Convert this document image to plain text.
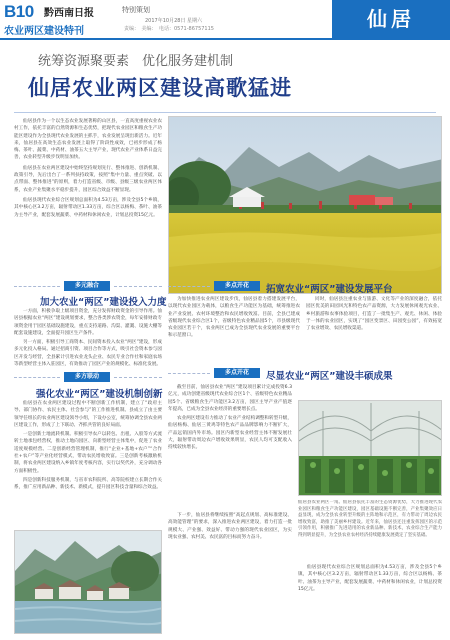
B10 黔西南日报	特别策划
2017年10月28日 星期六
农业两区建设特刊	责编：　美编：　电话：0571-86757115	仙居
统筹资源聚要素　优化服务建机制
仙居农业两区建设高歌猛进
仙居县作为一个以生态农业发展著称的山区县，一直高度重视农业农村工作，依托丰富的自然资源和生态优势，把现代农业园区和粮食生产功能区建设作为全县现代农业发展的主抓手，农业发展呈现出新活力。近年来，仙居县在高效生态农业发展上取得了阶段性成效，已初步形成了杨梅、茶叶、蔬菜、中药材、油茶五大主导产业，现代农业产业体系日益完善，农业转型升级步伐明显加快。
仙居县在农业两区建设中始终坚持规划先行、整体推进、创新机制、政策引导，先后出台了一系列扶持政策，按照“集中力量、重点突破、以点带面、整体推进”的原则，着力打造省级、市级、县级三级农业两区体系，农业产业集聚水平稳步提升，园区综合效益不断显现。
仙居县现代农业综合区规划总面积为4.53万亩，涉及全县5个乡镇，其中核心区3.2万亩，辐射带动区1.33万亩，综合区以杨梅、茶叶、油茶为主导产业，配套发展蔬菜、中药材和休闲农业，计划总投资15亿元。
多元融合
加大农业“两区”建设投入力度
一方面，积极争取上级项目资金，充分发挥财政资金的引导作用。仙居县根据农业“两区”建设规划要求，整合各类涉农资金，每年安排财政专项资金用于园区基础设施建设，重点支持道路、沟渠、灌溉、设施大棚等配套设施建设，全面提升园区生产条件。
另一方面，积极引导工商资本、民间资本投入农业“两区”建设，形成多元化投入格局。通过招商引资、项目合作等方式，吸引社会资本参与园区开发与经营，全县累计引进农业龙头企业、农民专业合作社和家庭农场等新型经营主体入驻园区，有效推动了园区产业的规模化、标准化发展。
多方联动
强化农业“两区”建设机制创新
仙居县在农业两区建设过程中不断创新工作机制，建立了“政府主导、部门协作、农民主体、社会参与”的工作推进机制。县成立了由主要领导任组长的农业两区建设领导小组，下设办公室，统筹协调全县农业两区建设工作，形成了上下联动、齐抓共管的良好局面。
一是创新土地流转机制。积极引导农户以转包、出租、入股等方式流转土地承包经营权，推动土地向园区、向新型经营主体集中，促进了农业适度规模经营。二是创新经营管理机制，推行“企业+基地+农户”“合作社+农户”等产业化经营模式，带动农民增收致富。三是创新考核激励机制，将农业两区建设纳入乡镇年度考核内容，实行以奖代补，充分调动各方面积极性。
四是创新科技服务机制，与省市农科院所、高等院校建立长期合作关系，推广应用新品种、新技术、新模式，提升园区科技含量和综合效益。
多点开花	拓宽农业“两区”建设发展平台
为加快推进农业两区建设步伐，仙居县着力搭建发展平台，以现代农业园区为载体，以粮食生产功能区为基础，统筹推进农业产业发展、农村环境整治和农民增收致富。目前，全县已建成省级现代农业综合区1个，省级特色农业精品园5个，市县级现代农业园区若干个，农业两区已成为全县现代农业发展的重要平台和示范窗口。
同时，仙居县注重农业与旅游、文化等产业的深度融合，依托园区优美的田园风光和特色农产品资源，大力发展休闲观光农业、乡村旅游和农事体验项目，打造了一批集生产、观光、休闲、体验于一体的农业园区，实现了“园区变景区、田园变公园”，有效拓宽了农业增效、农民增收渠道。
多点开花	尽显农业“两区”建设丰硕成果
截至目前，仙居县农业“两区”建设项目累计完成投资6.3亿元，成功创建省级现代农业综合区1个、省级特色农业精品园5个、省级粮食生产功能区3.2万亩，园区主导产业产值逐年提高，已成为全县农业经济的重要增长点。
农业两区建设有力推动了农业产业结构调整和转型升级，仙居杨梅、仙居三黄鸡等特色农产品品牌影响力不断扩大，产品远销国内外市场。园区内新型农业经营主体不断发展壮大，辐射带动周边农户增收效果明显，农民人均可支配收入持续较快增长。
仙居县农业两区一角。仙居县依托丰富的生态资源优势，大力推进现代农业园区和粮食生产功能区建设，园区基础设施不断完善，产业集聚效应日益显现，成为全县农业转型升级的主阵地和示范区，有力带动了周边农民增收致富，助推了美丽乡村建设。近年来，仙居县还注重发挥园区的示范引领作用，积极推广先进适用的农业新品种、新技术，农业综合生产能力得到明显提升，为全县农业农村经济持续健康发展奠定了坚实基础。
下一步，仙居县将继续按照“高起点规划、高标准建设、高效能管理”的要求，深入推进农业两区建设，着力打造一批规模大、产业强、效益好、带动力强的现代农业园区，为实现农业强、农村美、农民富的目标而努力奋斗。
仙居县现代农业综合区规划总面积为4.53万亩，涉及全县5个乡镇，其中核心区3.2万亩，辐射带动区1.33万亩，综合区以杨梅、茶叶、油茶为主导产业，配套发展蔬菜、中药材和休闲农业，计划总投资15亿元。
